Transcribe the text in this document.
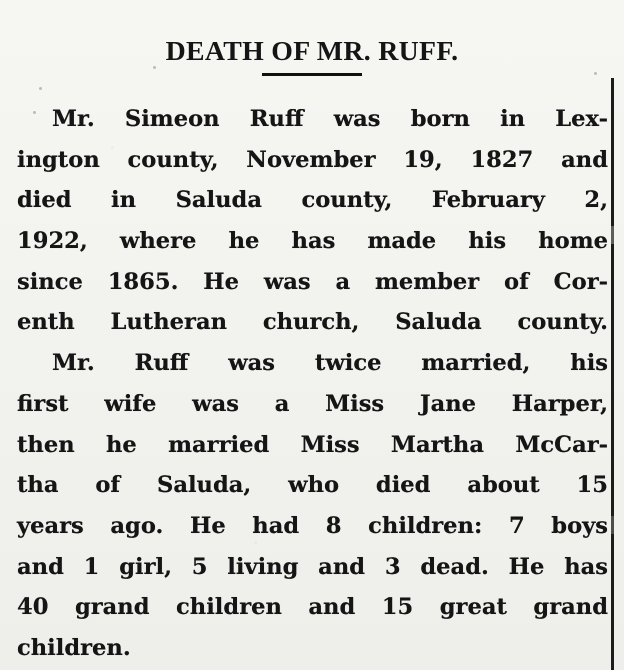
DEATH OF MR. RUFF.
Mr. Simeon Ruff was born in Lex-
ington county, November 19, 1827 and
died in Saluda county, February 2,
1922, where he has made his home
since 1865. He was a member of Cor-
enth Lutheran church, Saluda county.
Mr. Ruff was twice married, his
first wife was a Miss Jane Harper,
then he married Miss Martha McCar-
tha of Saluda, who died about 15
years ago. He had 8 children: 7 boys
and 1 girl, 5 living and 3 dead. He has
40 grand children and 15 great grand
children.
